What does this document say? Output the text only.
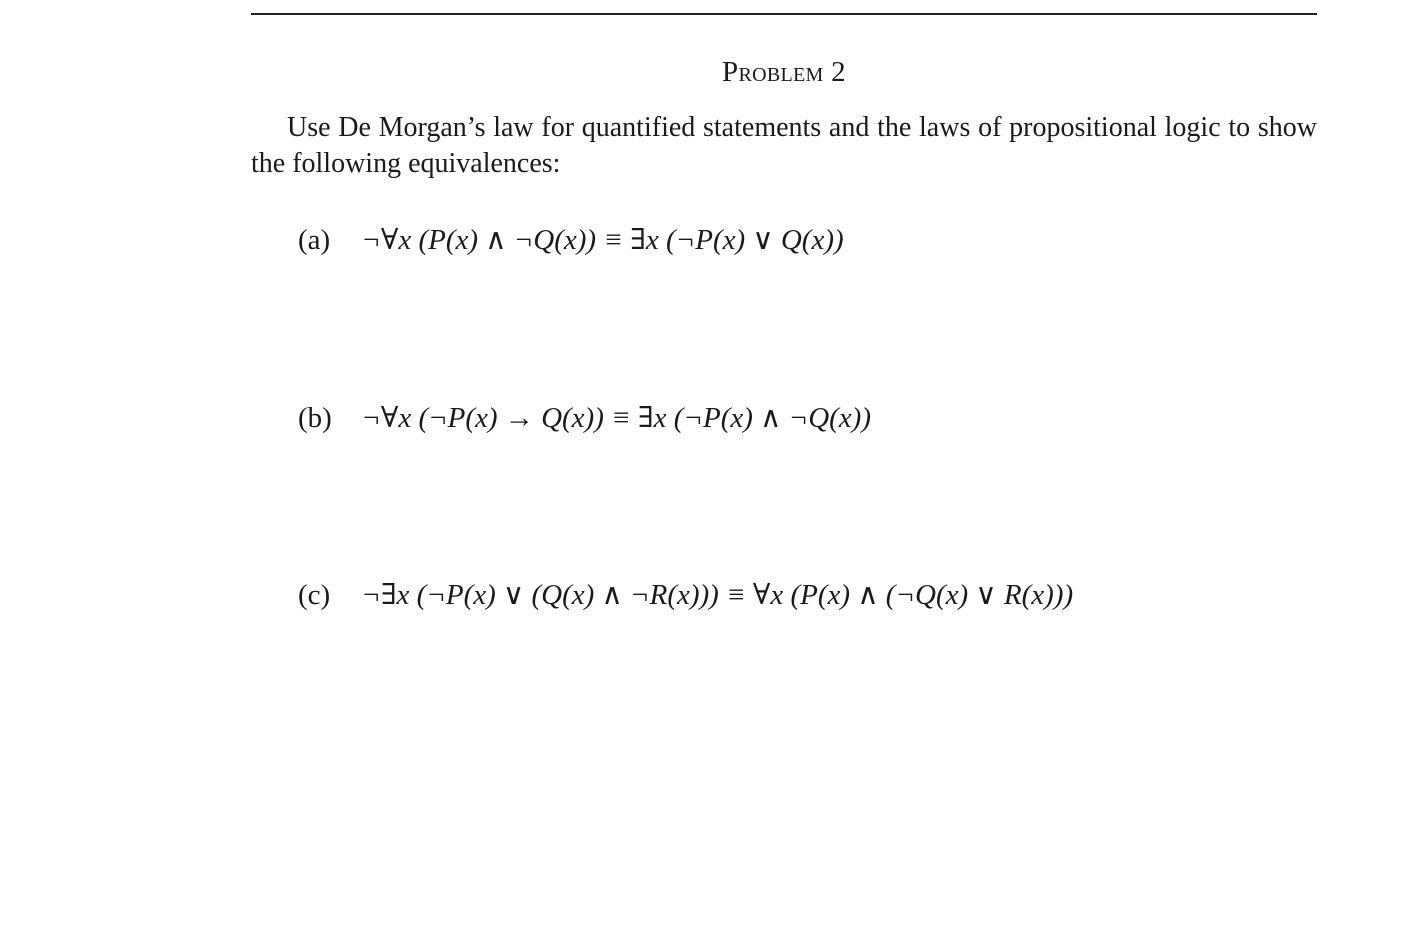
Problem 2
Use De Morgan’s law for quantified statements and the laws of propositional logic to show the following equivalences:
(a) ¬∀x (P(x) ∧ ¬Q(x)) ≡ ∃x (¬P(x) ∨ Q(x))
(b) ¬∀x (¬P(x) → Q(x)) ≡ ∃x (¬P(x) ∧ ¬Q(x))
(c) ¬∃x (¬P(x) ∨ (Q(x) ∧ ¬R(x))) ≡ ∀x (P(x) ∧ (¬Q(x) ∨ R(x)))
